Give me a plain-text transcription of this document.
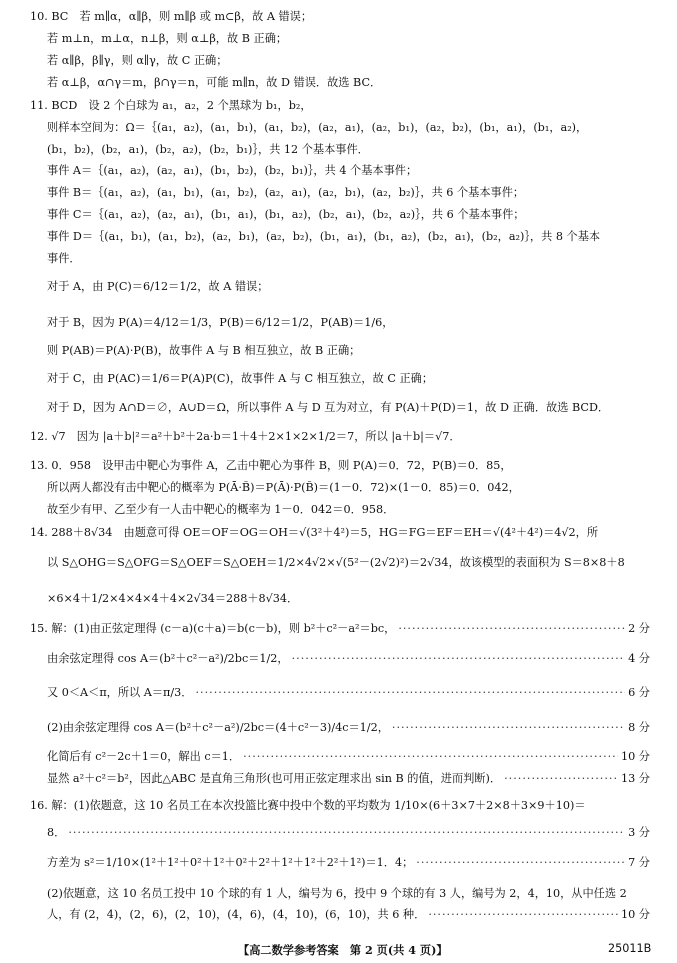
10. BC　若 m∥α，α∥β，则 m∥β 或 m⊂β，故 A 错误；
若 m⊥n，m⊥α，n⊥β，则 α⊥β，故 B 正确；
若 α∥β，β∥γ，则 α∥γ，故 C 正确；
若 α⊥β，α∩γ＝m，β∩γ＝n，可能 m∥n，故 D 错误．故选 BC．
11. BCD　设 2 个白球为 a₁，a₂，2 个黑球为 b₁，b₂，
则样本空间为：Ω＝｛(a₁，a₂)，(a₁，b₁)，(a₁，b₂)，(a₂，a₁)，(a₂，b₁)，(a₂，b₂)，(b₁，a₁)，(b₁，a₂)，
(b₁，b₂)，(b₂，a₁)，(b₂，a₂)，(b₂，b₁)｝，共 12 个基本事件．
事件 A＝｛(a₁，a₂)，(a₂，a₁)，(b₁，b₂)，(b₂，b₁)｝，共 4 个基本事件；
事件 B＝｛(a₁，a₂)，(a₁，b₁)，(a₁，b₂)，(a₂，a₁)，(a₂，b₁)，(a₂，b₂)｝，共 6 个基本事件；
事件 C＝｛(a₁，a₂)，(a₂，a₁)，(b₁，a₁)，(b₁，a₂)，(b₂，a₁)，(b₂，a₂)｝，共 6 个基本事件；
事件 D＝｛(a₁，b₁)，(a₁，b₂)，(a₂，b₁)，(a₂，b₂)，(b₁，a₁)，(b₁，a₂)，(b₂，a₁)，(b₂，a₂)｝，共 8 个基本
事件．
对于 A，由 P(C)＝6/12＝1/2，故 A 错误；
对于 B，因为 P(A)＝4/12＝1/3，P(B)＝6/12＝1/2，P(AB)＝1/6，
则 P(AB)＝P(A)·P(B)，故事件 A 与 B 相互独立，故 B 正确；
对于 C，由 P(AC)＝1/6＝P(A)P(C)，故事件 A 与 C 相互独立，故 C 正确；
对于 D，因为 A∩D＝∅，A∪D＝Ω，所以事件 A 与 D 互为对立，有 P(A)＋P(D)＝1，故 D 正确．故选 BCD．
12. √7　因为 |a＋b|²＝a²＋b²＋2a·b＝1＋4＋2×1×2×1/2＝7，所以 |a＋b|＝√7．
13. 0．958　设甲击中靶心为事件 A，乙击中靶心为事件 B，则 P(A)＝0．72，P(B)＝0．85，
所以两人都没有击中靶心的概率为 P(Ā·B̄)＝P(Ā)·P(B̄)＝(1－0．72)×(1－0．85)＝0．042，
故至少有甲、乙至少有一人击中靶心的概率为 1－0．042＝0．958．
14. 288＋8√34　由题意可得 OE＝OF＝OG＝OH＝√(3²＋4²)＝5，HG＝FG＝EF＝EH＝√(4²＋4²)＝4√2，所
以 S△OHG＝S△OFG＝S△OEF＝S△OEH＝1/2×4√2×√(5²－(2√2)²)＝2√34，故该模型的表面积为 S＝8×8＋8
×6×4＋1/2×4×4×4＋4×2√34＝288＋8√34．
15. 解：(1)由正弦定理得 (c－a)(c＋a)＝b(c－b)，则 b²＋c²－a²＝bc， ·····	2 分
由余弦定理得 cos A＝(b²＋c²－a²)/2bc＝1/2， ·····	4 分
又 0＜A＜π，所以 A＝π/3． ·····	6 分
(2)由余弦定理得 cos A＝(b²＋c²－a²)/2bc＝(4＋c²－3)/4c＝1/2， ·····	8 分
化简后有 c²－2c＋1＝0，解出 c＝1． ·····	10 分
显然 a²＋c²＝b²，因此△ABC 是直角三角形(也可用正弦定理求出 sin B 的值，进而判断)． ·····	13 分
16. 解：(1)依题意，这 10 名员工在本次投篮比赛中投中个数的平均数为 1/10×(6＋3×7＋2×8＋3×9＋10)＝
8． ·····	3 分
方差为 s²＝1/10×(1²＋1²＋0²＋1²＋0²＋2²＋1²＋1²＋2²＋1²)＝1．4； ·····	7 分
(2)依题意，这 10 名员工投中 10 个球的有 1 人，编号为 6，投中 9 个球的有 3 人，编号为 2，4，10，从中任选 2
人，有 (2，4)，(2，6)，(2，10)，(4，6)，(4，10)，(6，10)，共 6 种． ·····	10 分
【高二数学参考答案　第 2 页(共 4 页)】	25011B
